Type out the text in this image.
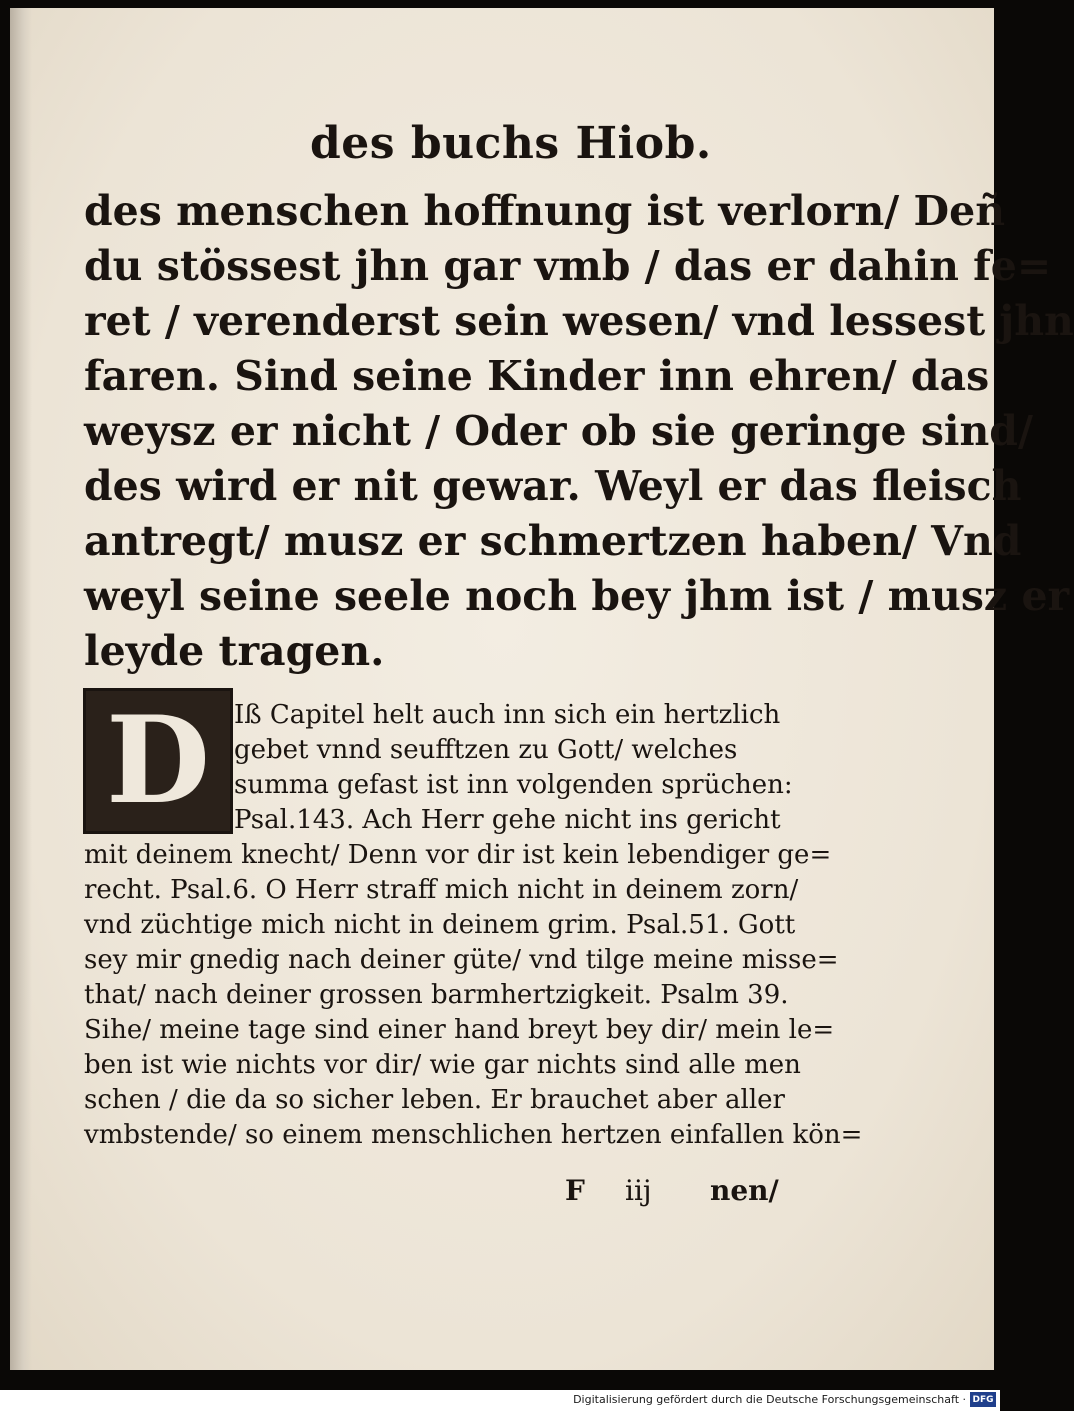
des buchs Hiob.
des menschen hoffnung ist verlorn/ Deñ
du stössest jhn gar vmb / das er dahin fe=
ret / verenderst sein wesen/ vnd lessest jhn
faren. Sind seine Kinder inn ehren/ das
weysz er nicht / Oder ob sie geringe sind/
des wird er nit gewar. Weyl er das fleisch
antregt/ musz er schmertzen haben/ Vnd
weyl seine seele noch bey jhm ist / musz er
leyde tragen.
D Iß Capitel helt auch inn sich ein hertzlich
gebet vnnd seufftzen zu Gott/ welches
summa gefast ist inn volgenden sprüchen:
Psal.143. Ach Herr gehe nicht ins gericht
mit deinem knecht/ Denn vor dir ist kein lebendiger ge=
recht. Psal.6. O Herr straff mich nicht in deinem zorn/
vnd züchtige mich nicht in deinem grim. Psal.51. Gott
sey mir gnedig nach deiner güte/ vnd tilge meine misse=
that/ nach deiner grossen barmhertzigkeit. Psalm 39.
Sihe/ meine tage sind einer hand breyt bey dir/ mein le=
ben ist wie nichts vor dir/ wie gar nichts sind alle men
schen / die da so sicher leben. Er brauchet aber aller
vmbstende/ so einem menschlichen hertzen einfallen kön=
F iij nen/
Digitalisierung gefördert durch die Deutsche Forschungsgemeinschaft · DFG
